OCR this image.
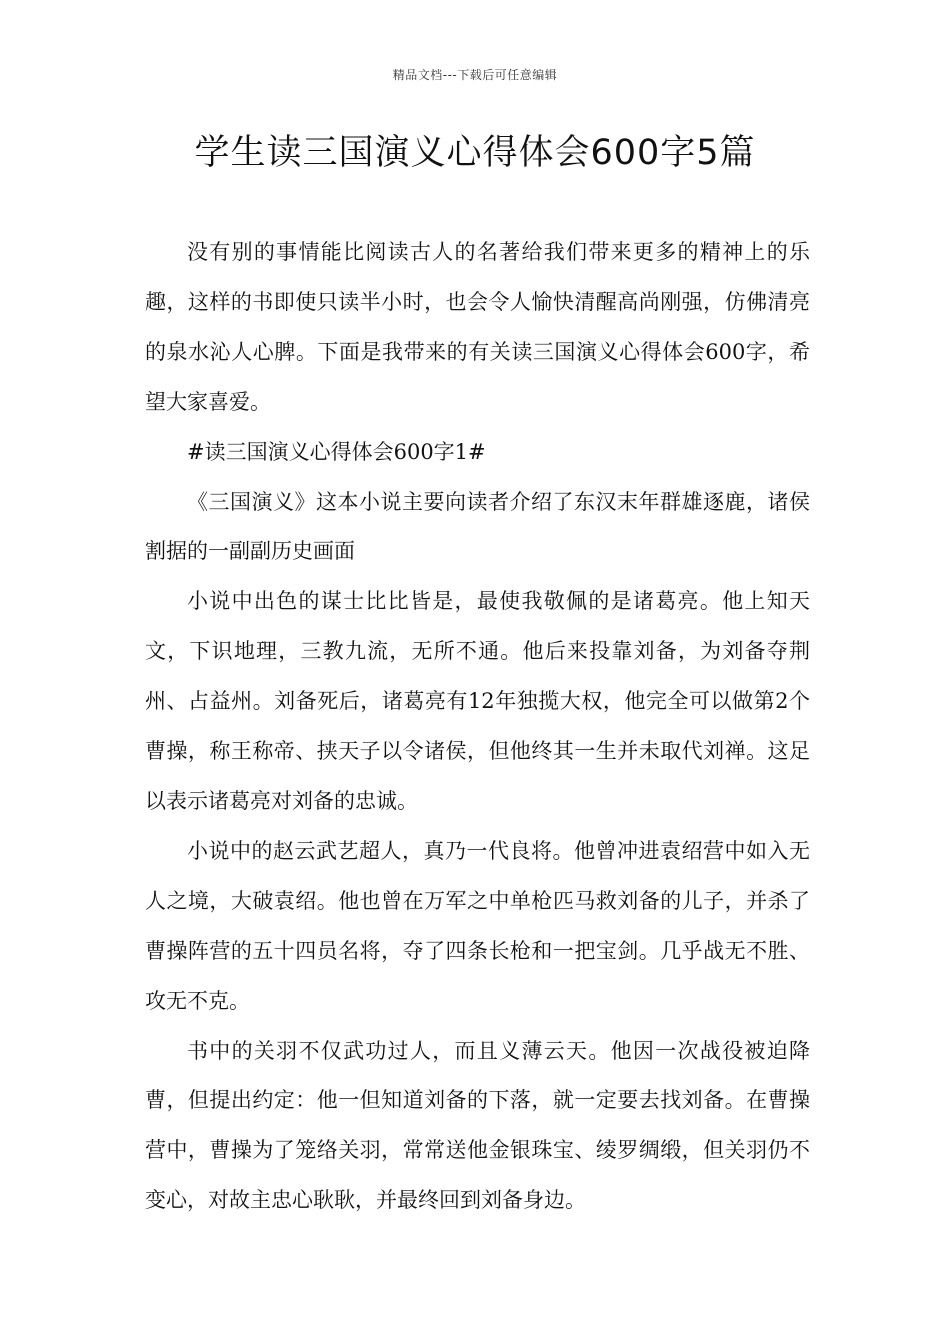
精品文档---下载后可任意编辑
学生读三国演义心得体会600字5篇

没有别的事情能比阅读古人的名著给我们带来更多的精神上的乐趣，这样的书即使只读半小时，也会令人愉快清醒高尚刚强，仿佛清亮的泉水沁人心脾。下面是我带来的有关读三国演义心得体会600字，希望大家喜爱。

#读三国演义心得体会600字1#

《三国演义》这本小说主要向读者介绍了东汉末年群雄逐鹿，诸侯割据的一副副历史画面

小说中出色的谋士比比皆是，最使我敬佩的是诸葛亮。他上知天文，下识地理，三教九流，无所不通。他后来投靠刘备，为刘备夺荆州、占益州。刘备死后，诸葛亮有12年独揽大权，他完全可以做第2个曹操，称王称帝、挟天子以令诸侯，但他终其一生并未取代刘禅。这足以表示诸葛亮对刘备的忠诚。

小说中的赵云武艺超人，真乃一代良将。他曾冲进袁绍营中如入无人之境，大破袁绍。他也曾在万军之中单枪匹马救刘备的儿子，并杀了曹操阵营的五十四员名将，夺了四条长枪和一把宝剑。几乎战无不胜、攻无不克。

书中的关羽不仅武功过人，而且义薄云天。他因一次战役被迫降曹，但提出约定：他一但知道刘备的下落，就一定要去找刘备。在曹操营中，曹操为了笼络关羽，常常送他金银珠宝、绫罗绸缎，但关羽仍不变心，对故主忠心耿耿，并最终回到刘备身边。
